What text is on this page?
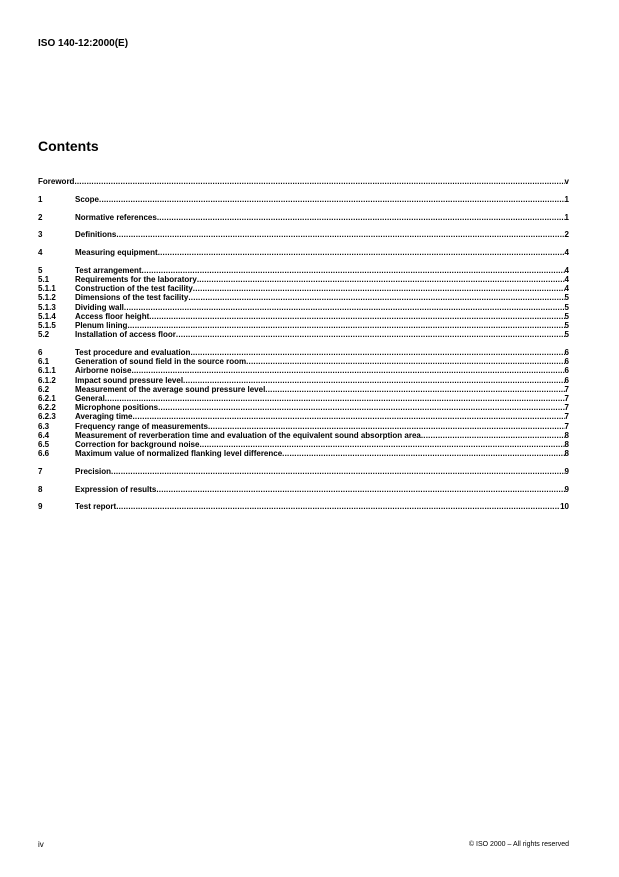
ISO 140-12:2000(E)
Contents
Foreword .....	v
1	Scope .....	1
2	Normative references .....	1
3	Definitions .....	2
4	Measuring equipment .....	4
5	Test arrangement .....	4
5.1	Requirements for the laboratory .....	4
5.1.1	Construction of the test facility .....	4
5.1.2	Dimensions of the test facility .....	5
5.1.3	Dividing wall .....	5
5.1.4	Access floor height .....	5
5.1.5	Plenum lining .....	5
5.2	Installation of access floor .....	5
6	Test procedure and evaluation .....	6
6.1	Generation of sound field in the source room .....	6
6.1.1	Airborne noise .....	6
6.1.2	Impact sound pressure level .....	6
6.2	Measurement of the average sound pressure level .....	7
6.2.1	General .....	7
6.2.2	Microphone positions .....	7
6.2.3	Averaging time .....	7
6.3	Frequency range of measurements .....	7
6.4	Measurement of reverberation time and evaluation of the equivalent sound absorption area .....	8
6.5	Correction for background noise .....	8
6.6	Maximum value of normalized flanking level difference .....	8
7	Precision .....	9
8	Expression of results .....	9
9	Test report .....	10
iv	© ISO 2000 – All rights reserved
